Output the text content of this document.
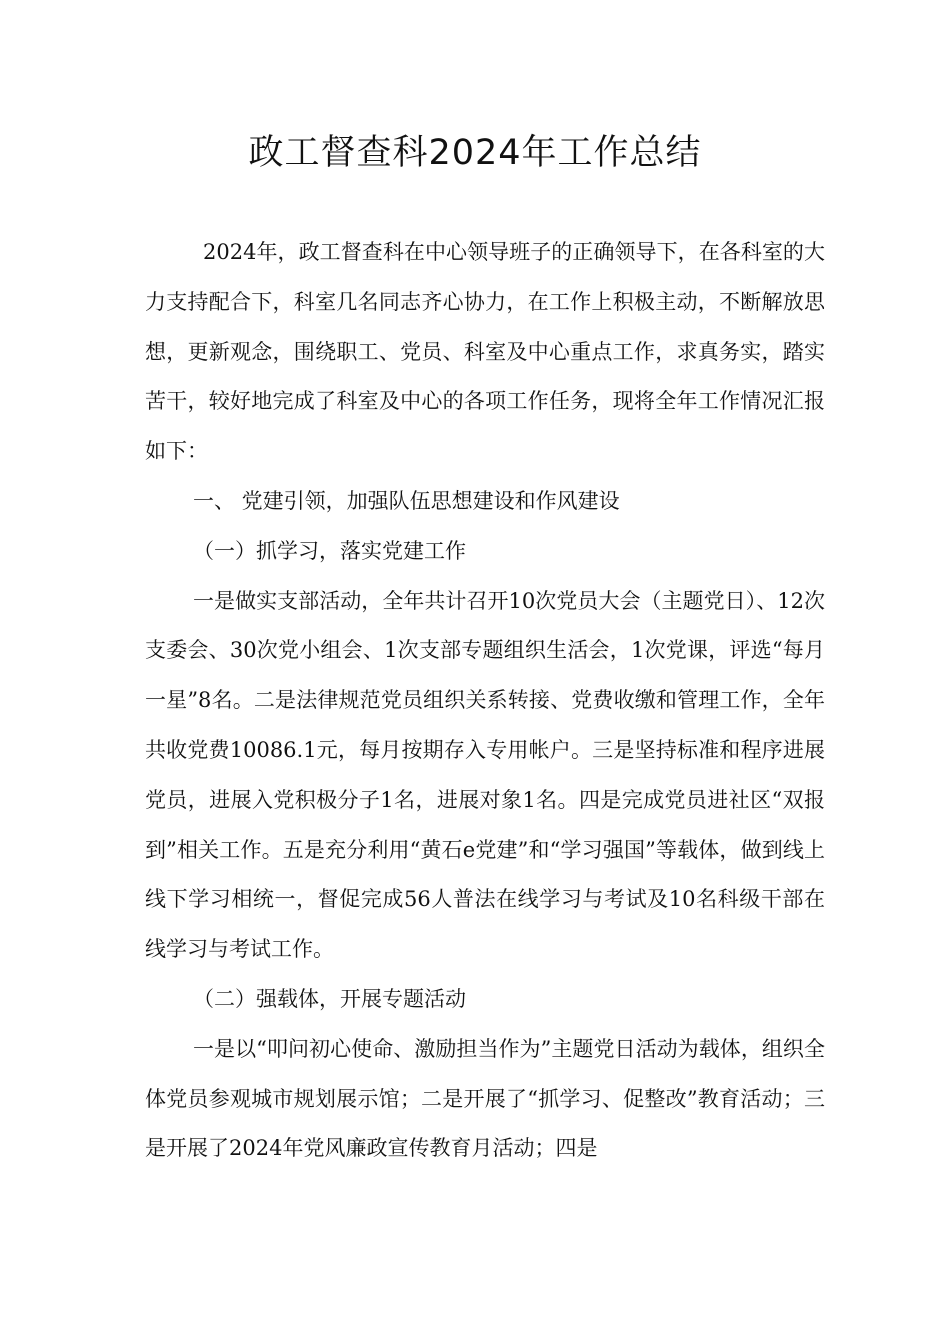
政工督查科2024年工作总结

2024年，政工督查科在中心领导班子的正确领导下，在各科室的大力支持配合下，科室几名同志齐心协力，在工作上积极主动，不断解放思想，更新观念，围绕职工、党员、科室及中心重点工作，求真务实，踏实苦干，较好地完成了科室及中心的各项工作任务，现将全年工作情况汇报如下：

一、 党建引领，加强队伍思想建设和作风建设

（一）抓学习，落实党建工作

一是做实支部活动，全年共计召开10次党员大会（主题党日）、12次支委会、30次党小组会、1次支部专题组织生活会，1次党课，评选“每月一星”8名。二是法律规范党员组织关系转接、党费收缴和管理工作，全年共收党费10086.1元，每月按期存入专用帐户。三是坚持标准和程序进展党员，进展入党积极分子1名，进展对象1名。四是完成党员进社区“双报到”相关工作。五是充分利用“黄石e党建”和“学习强国”等载体，做到线上线下学习相统一，督促完成56人普法在线学习与考试及10名科级干部在线学习与考试工作。

（二）强载体，开展专题活动

一是以“叩问初心使命、激励担当作为”主题党日活动为载体，组织全体党员参观城市规划展示馆；二是开展了“抓学习、促整改”教育活动；三是开展了2024年党风廉政宣传教育月活动；四是
